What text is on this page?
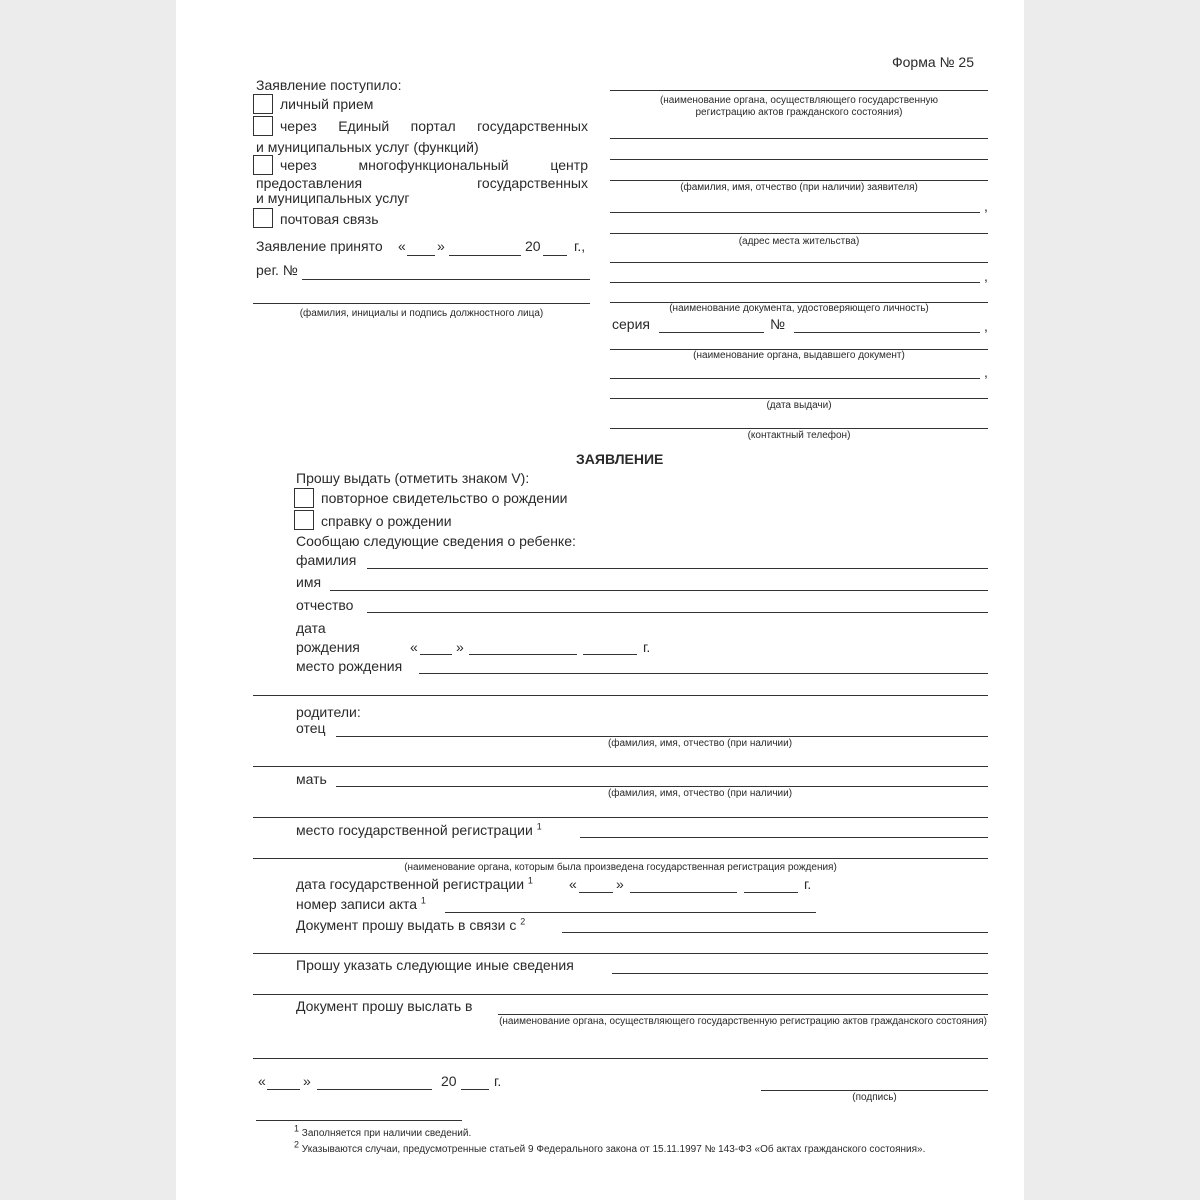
Форма № 25
Заявление поступило:
личный прием
через Единый портал государственных
и муниципальных услуг (функций)
через многофункциональный центр
предоставления государственных
и муниципальных услуг
почтовая связь
Заявление принято « »	20 г.,
рег. №
(фамилия, инициалы и подпись должностного лица)
(наименование органа, осуществляющего государственную регистрацию актов гражданского состояния)
(фамилия, имя, отчество (при наличии) заявителя)
,
(адрес места жительства)
,
(наименование документа, удостоверяющего личность)
серия	№	,
(наименование органа, выдавшего документ)
,
(дата выдачи)
(контактный телефон)
ЗАЯВЛЕНИЕ
Прошу выдать (отметить знаком V):
повторное свидетельство о рождении
справку о рождении
Сообщаю следующие сведения о ребенке:
фамилия
имя
отчество
дата
рождения	«	»	г.
место рождения
родители:
отец
(фамилия, имя, отчество (при наличии)
мать
(фамилия, имя, отчество (при наличии)
место государственной регистрации $^1$
(наименование органа, которым была произведена государственная регистрация рождения)
дата государственной регистрации $^1$	«	»	г.
номер записи акта $^1$
Документ прошу выдать в связи с $^2$
Прошу указать следующие иные сведения
Документ прошу выслать в
(наименование органа, осуществляющего государственную регистрацию актов гражданского состояния)
«	»	20	г.
(подпись)
$^1$ Заполняется при наличии сведений.
$^2$ Указываются случаи, предусмотренные статьей 9 Федерального закона от 15.11.1997 № 143-ФЗ «Об актах гражданского состояния».
